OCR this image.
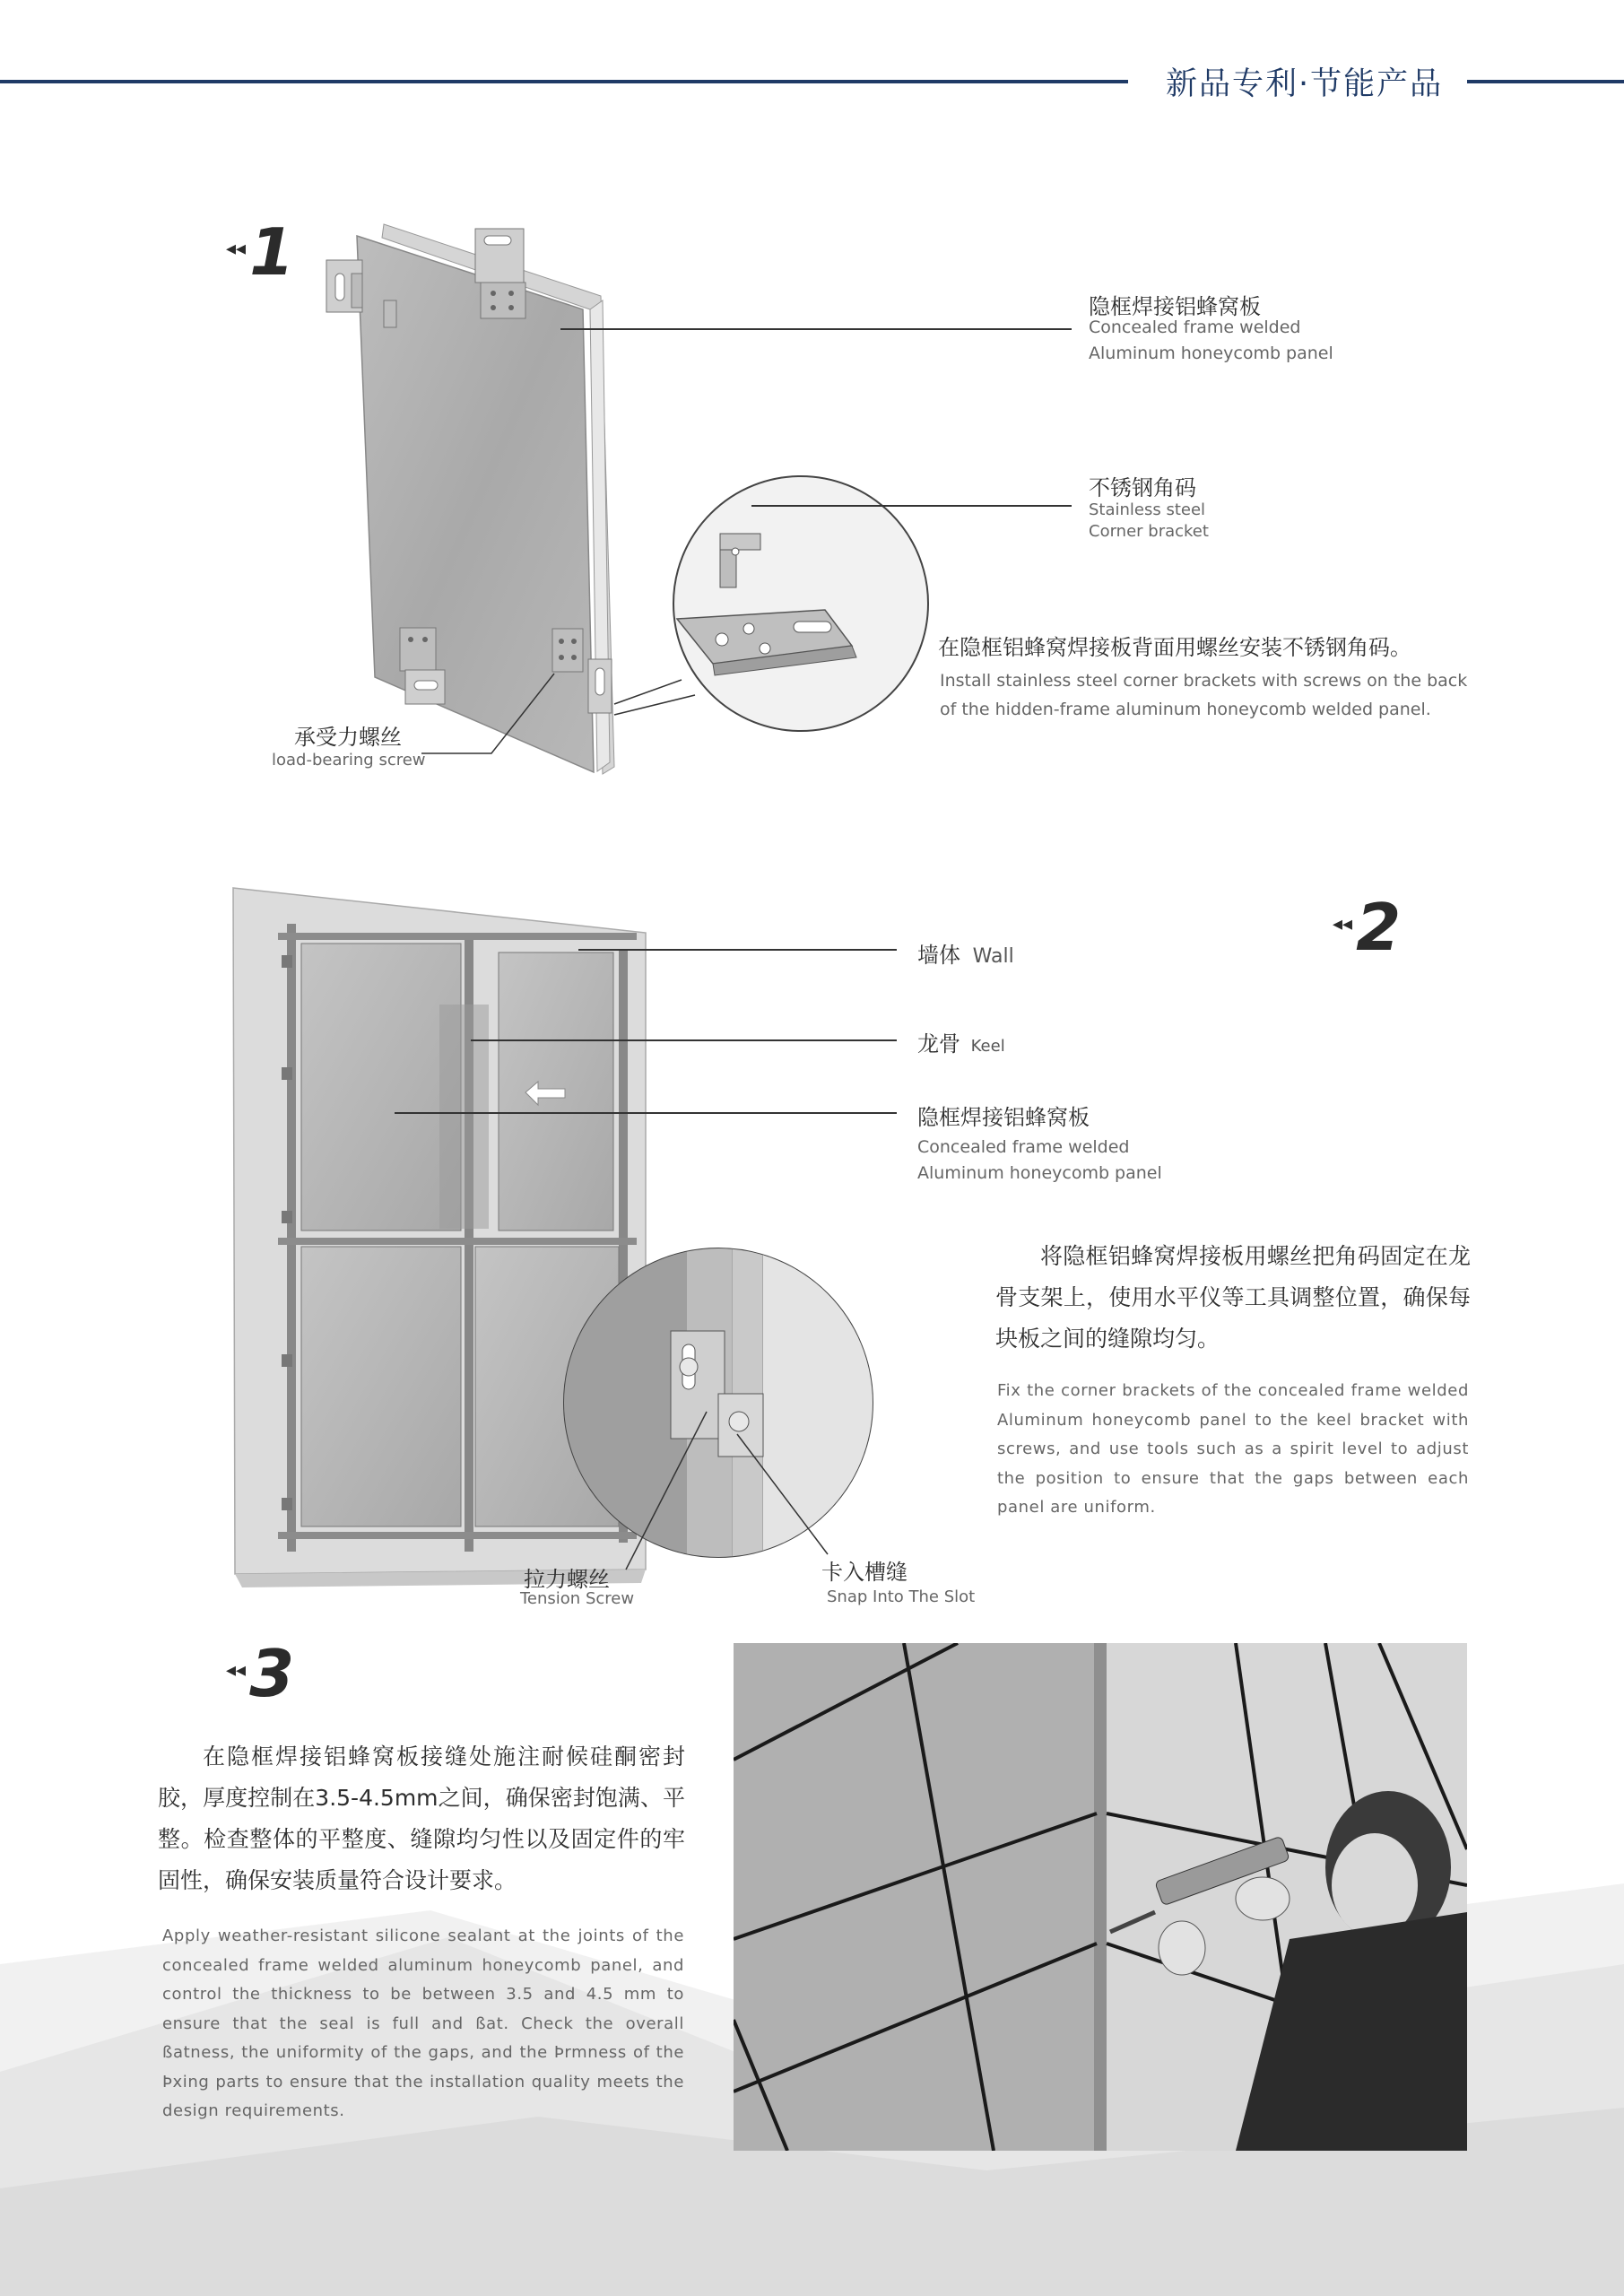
新品专利·节能产品
◂◂1
隐框焊接铝蜂窝板
Concealed frame welded
Aluminum honeycomb panel
不锈钢角码
Stainless steel
Corner bracket
在隐框铝蜂窝焊接板背面用螺丝安装不锈钢角码。
Install stainless steel corner brackets with screws on the back
of the hidden-frame aluminum honeycomb welded panel.
承受力螺丝
load-bearing screw
◂◂2
墙体 Wall
龙骨 Keel
隐框焊接铝蜂窝板
Concealed frame welded
Aluminum honeycomb panel
将隐框铝蜂窝焊接板用螺丝把角码固定在龙骨支架上，使用水平仪等工具调整位置，确保每块板之间的缝隙均匀。
Fix the corner brackets of the concealed frame welded Aluminum honeycomb panel to the keel bracket with screws, and use tools such as a spirit level to adjust the position to ensure that the gaps between each panel are uniform.
拉力螺丝
Tension Screw
卡入槽缝
Snap Into The Slot
◂◂3
在隐框焊接铝蜂窝板接缝处施注耐候硅酮密封胶，厚度控制在3.5-4.5mm之间，确保密封饱满、平整。检查整体的平整度、缝隙均匀性以及固定件的牢固性，确保安装质量符合设计要求。
Apply weather-resistant silicone sealant at the joints of the concealed frame welded aluminum honeycomb panel, and control the thickness to be between 3.5 and 4.5 mm to ensure that the seal is full and ßat. Check the overall ßatness, the uniformity of the gaps, and the Þrmness of the Þxing parts to ensure that the installation quality meets the design requirements.
